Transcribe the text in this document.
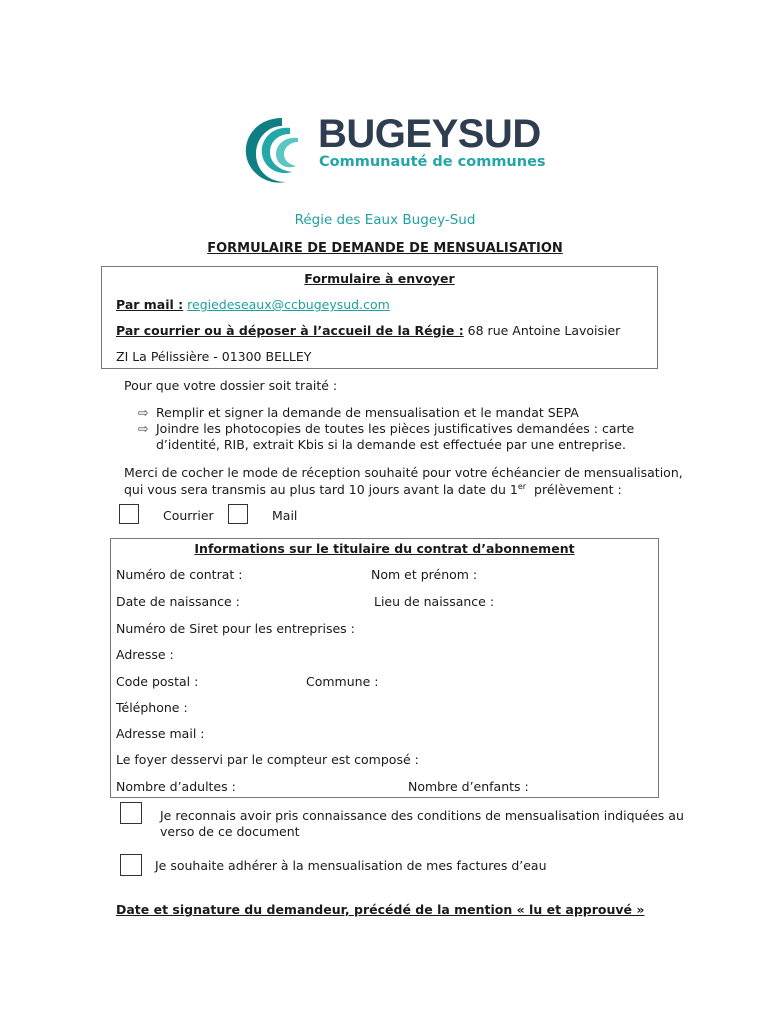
BUGEYSUD
Communauté de communes
Régie des Eaux Bugey-Sud
FORMULAIRE DE DEMANDE DE MENSUALISATION
Formulaire à envoyer
Par mail : regiedeseaux@ccbugeysud.com
Par courrier ou à déposer à l’accueil de la Régie : 68 rue Antoine Lavoisier
ZI La Pélissière - 01300 BELLEY
Pour que votre dossier soit traité :
⇨ Remplir et signer la demande de mensualisation et le mandat SEPA
⇨ Joindre les photocopies de toutes les pièces justificatives demandées : carte
d’identité, RIB, extrait Kbis si la demande est effectuée par une entreprise.
Merci de cocher le mode de réception souhaité pour votre échéancier de mensualisation,
qui vous sera transmis au plus tard 10 jours avant la date du 1er prélèvement :
Courrier	Mail
Informations sur le titulaire du contrat d’abonnement
Numéro de contrat :	Nom et prénom :
Date de naissance :	Lieu de naissance :
Numéro de Siret pour les entreprises :
Adresse :
Code postal :	Commune :
Téléphone :
Adresse mail :
Le foyer desservi par le compteur est composé :
Nombre d’adultes :	Nombre d’enfants :
Je reconnais avoir pris connaissance des conditions de mensualisation indiquées au
verso de ce document
Je souhaite adhérer à la mensualisation de mes factures d’eau
Date et signature du demandeur, précédé de la mention « lu et approuvé »
